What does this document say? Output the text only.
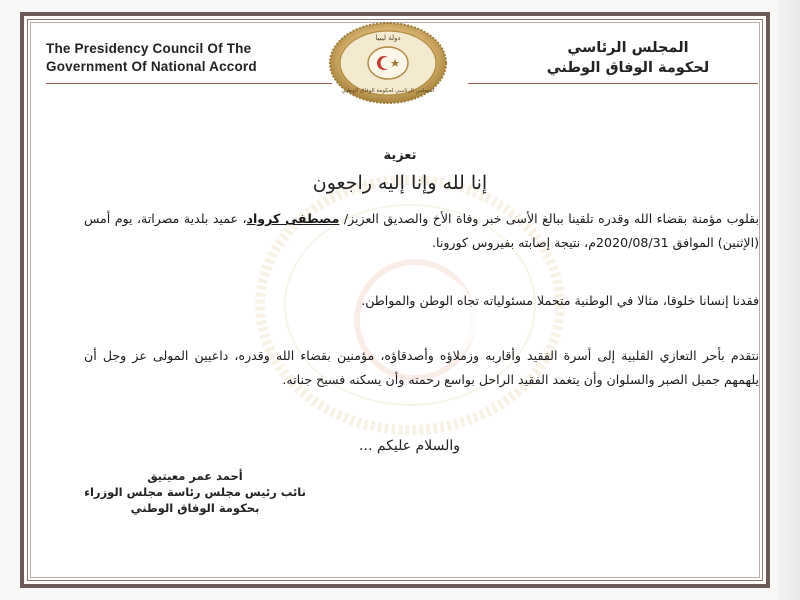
The Presidency Council Of The
Government Of National Accord
المجلس الرئاسي
لحكومة الوفاق الوطني
دولة ليبيا
المجلس الرئاسي لحكومة الوفاق الوطني
تعزية
إنا لله وإنا إليه راجعون
بقلوب مؤمنة بقضاء الله وقدره تلقينا ببالغ الأسى خبر وفاة الأخ والصديق العزيز/ مصطفى كرواد، عميد بلدية مصراتة، يوم أمس (الإثنين) الموافق 2020/08/31م، نتيجة إصابته بفيروس كورونا.
فقدنا إنسانا خلوقا، مثالا في الوطنية متحملا مسئولياته تجاه الوطن والمواطن.
نتقدم بأحر التعازي القلبية إلى أسرة الفقيد وأقاربه وزملاؤه وأصدقاؤه، مؤمنين بقضاء الله وقدره، داعيين المولى عز وجل أن يلهمهم جميل الصبر والسلوان وأن يتغمد الفقيد الراحل بواسع رحمته وأن يسكنه فسيح جناته.
والسلام عليكم ...
أحمد عمر معيتيق
نائب رئيس مجلس رئاسة مجلس الوزراء
بحكومة الوفاق الوطني
